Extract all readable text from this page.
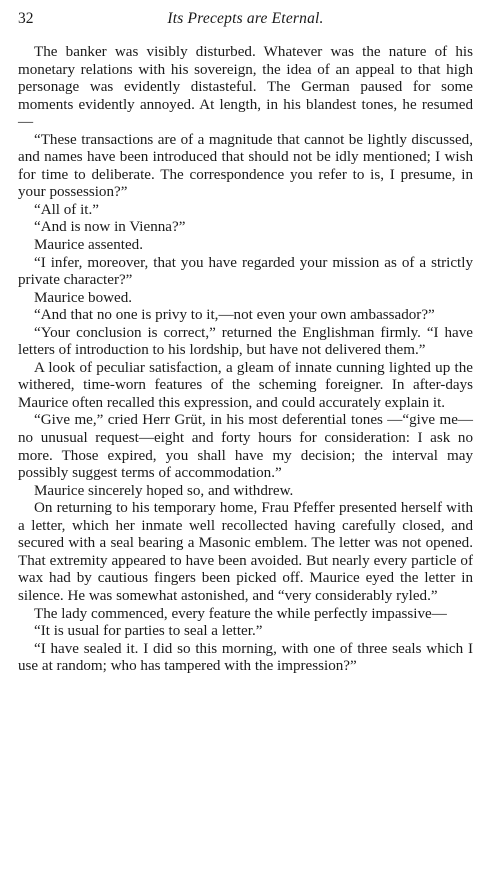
32	Its Precepts are Eternal.

The banker was visibly disturbed. Whatever was the nature of his monetary relations with his sovereign, the idea of an appeal to that high personage was evidently distasteful. The German paused for some moments evidently annoyed. At length, in his blandest tones, he resumed—

“These transactions are of a magnitude that cannot be lightly discussed, and names have been introduced that should not be idly mentioned; I wish for time to deliberate. The correspondence you refer to is, I presume, in your possession?”

“All of it.”

“And is now in Vienna?”

Maurice assented.

“I infer, moreover, that you have regarded your mission as of a strictly private character?”

Maurice bowed.

“And that no one is privy to it,—not even your own ambassador?”

“Your conclusion is correct,” returned the Englishman firmly. “I have letters of introduction to his lordship, but have not delivered them.”

A look of peculiar satisfaction, a gleam of innate cunning lighted up the withered, time-worn features of the scheming foreigner. In after-days Maurice often recalled this expression, and could accurately explain it.

“Give me,” cried Herr Grüt, in his most deferential tones —“give me—no unusual request—eight and forty hours for consideration: I ask no more. Those expired, you shall have my decision; the interval may possibly suggest terms of accommodation.”

Maurice sincerely hoped so, and withdrew.

On returning to his temporary home, Frau Pfeffer presented herself with a letter, which her inmate well recollected having carefully closed, and secured with a seal bearing a Masonic emblem. The letter was not opened. That extremity appeared to have been avoided. But nearly every particle of wax had by cautious fingers been picked off. Maurice eyed the letter in silence. He was somewhat astonished, and “very considerably ryled.”

The lady commenced, every feature the while perfectly impassive—

“It is usual for parties to seal a letter.”

“I have sealed it. I did so this morning, with one of three seals which I use at random; who has tampered with the impression?”
